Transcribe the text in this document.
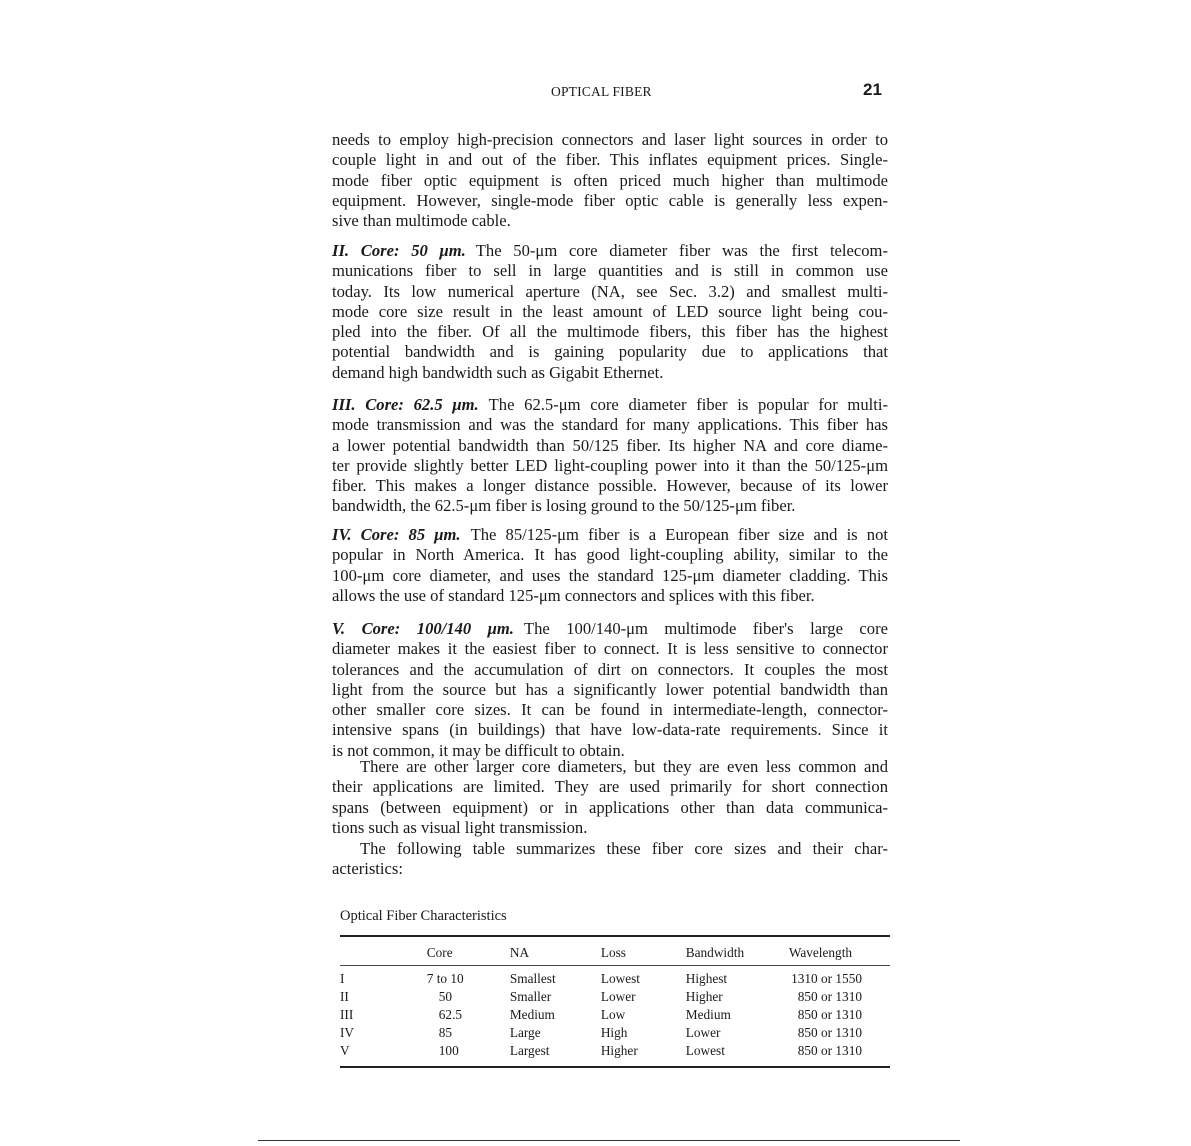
OPTICAL FIBER	21
needs to employ high-precision connectors and laser light sources in order to
couple light in and out of the fiber. This inflates equipment prices. Single-
mode fiber optic equipment is often priced much higher than multimode
equipment. However, single-mode fiber optic cable is generally less expen-
sive than multimode cable.
II. Core: 50 μm. The 50-μm core diameter fiber was the first telecom-
munications fiber to sell in large quantities and is still in common use
today. Its low numerical aperture (NA, see Sec. 3.2) and smallest multi-
mode core size result in the least amount of LED source light being cou-
pled into the fiber. Of all the multimode fibers, this fiber has the highest
potential bandwidth and is gaining popularity due to applications that
demand high bandwidth such as Gigabit Ethernet.
III. Core: 62.5 μm. The 62.5-μm core diameter fiber is popular for multi-
mode transmission and was the standard for many applications. This fiber has
a lower potential bandwidth than 50/125 fiber. Its higher NA and core diame-
ter provide slightly better LED light-coupling power into it than the 50/125-μm
fiber. This makes a longer distance possible. However, because of its lower
bandwidth, the 62.5-μm fiber is losing ground to the 50/125-μm fiber.
IV. Core: 85 μm. The 85/125-μm fiber is a European fiber size and is not
popular in North America. It has good light-coupling ability, similar to the
100-μm core diameter, and uses the standard 125-μm diameter cladding. This
allows the use of standard 125-μm connectors and splices with this fiber.
V. Core: 100/140 μm. The 100/140-μm multimode fiber's large core
diameter makes it the easiest fiber to connect. It is less sensitive to connector
tolerances and the accumulation of dirt on connectors. It couples the most
light from the source but has a significantly lower potential bandwidth than
other smaller core sizes. It can be found in intermediate-length, connector-
intensive spans (in buildings) that have low-data-rate requirements. Since it
is not common, it may be difficult to obtain.
There are other larger core diameters, but they are even less common and
their applications are limited. They are used primarily for short connection
spans (between equipment) or in applications other than data communica-
tions such as visual light transmission.
The following table summarizes these fiber core sizes and their char-
acteristics:
Optical Fiber Characteristics
	Core	NA	Loss	Bandwidth	Wavelength
I	7 to 10	Smallest	Lowest	Highest	1310 or 1550
II	50	Smaller	Lower	Higher	850 or 1310
III	62.5	Medium	Low	Medium	850 or 1310
IV	85	Large	High	Lower	850 or 1310
V	100	Largest	Higher	Lowest	850 or 1310
